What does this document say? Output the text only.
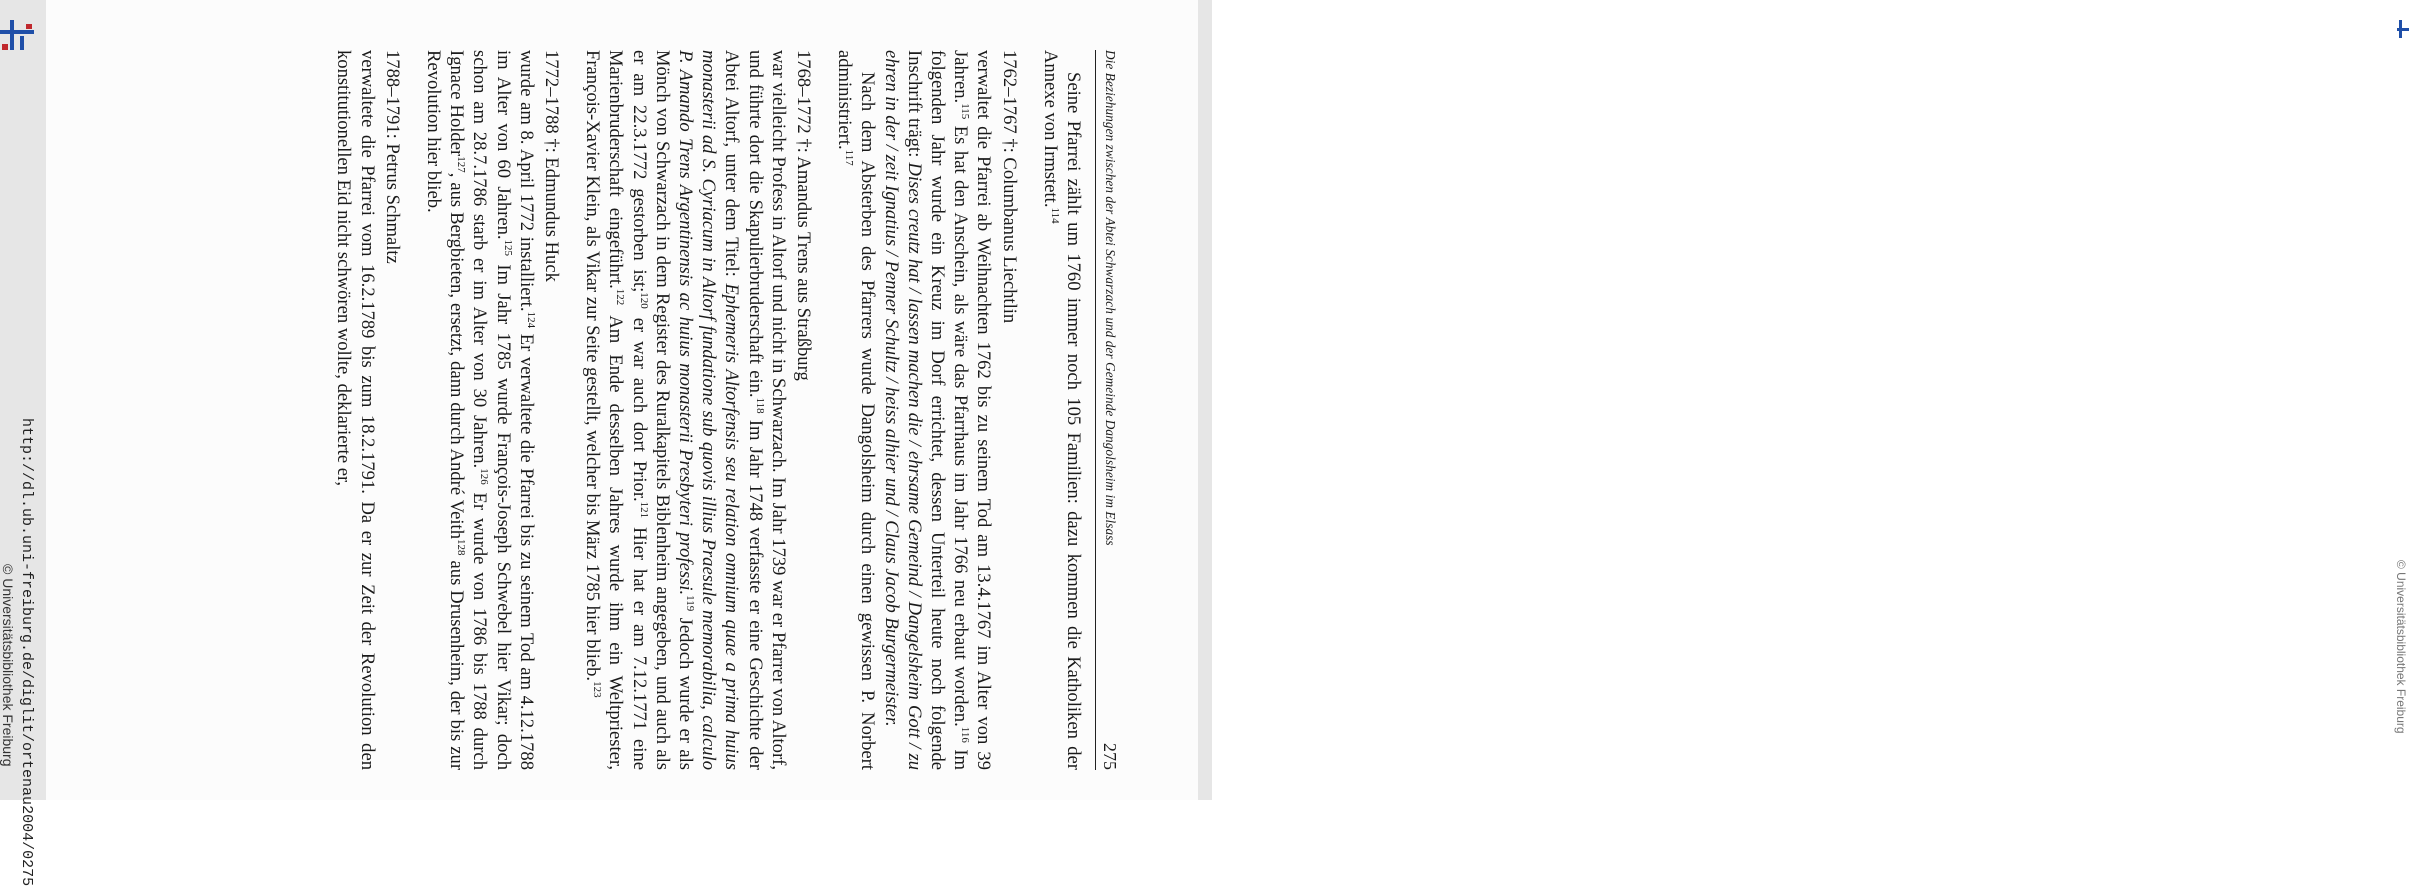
http://dl.ub.uni-freiburg.de/diglit/ortenau2004/0275
© Universitätsbibliothek Freiburg	© Universitätsbibliothek Freiburg
Die Beziehungen zwischen der Abtei Schwarzach und der Gemeinde Dangolsheim im Elsass
275

Seine Pfarrei zählt um 1760 immer noch 105 Familien: dazu kommen die Katholiken der Annexe von Irmstett.$^{114}$

1762–1767 †: Columbanus Liechtlin

verwaltet die Pfarrei ab Weihnachten 1762 bis zu seinem Tod am 13.4.1767 im Alter von 39 Jahren.$^{115}$ Es hat den Anschein, als wäre das Pfarrhaus im Jahr 1766 neu erbaut worden.$^{116}$ Im folgenden Jahr wurde ein Kreuz im Dorf errichtet, dessen Unterteil heute noch folgende Inschrift trägt: Dises creutz hat / lassen machen die / ehrsame Gemeind / Dangelsheim Gott / zu ehren in der / zeit Ignatius / Penner Schultz / heiss alhier und / Claus Jacob Burgermeister.

Nach dem Absterben des Pfarrers wurde Dangolsheim durch einen gewissen P. Norbert administriert.$^{117}$

1768–1772 †: Amandus Trens aus Straßburg

war vielleicht Profess in Altorf und nicht in Schwarzach. Im Jahr 1739 war er Pfarrer von Altorf, und führte dort die Skapulierbruderschaft ein.$^{118}$ Im Jahr 1748 verfasste er eine Geschichte der Abtei Altorf, unter dem Titel: Ephemeris Altorfensis seu relation omnium quae a prima huius monasterii ad S. Cyriacum in Altorf fundatione sub quovis illius Praesule memorabilia, calculo P. Amando Trens Argentinensis ac huius monasterii Presbyteri professi.$^{119}$ Jedoch wurde er als Mönch von Schwarzach in dem Register des Ruralkapitels Biblenheim angegeben, und auch als er am 22.3.1772 gestorben ist;$^{120}$ er war auch dort Prior.$^{121}$ Hier hat er am 7.12.1771 eine Marienbruderschaft eingeführt.$^{122}$ Am Ende desselben Jahres wurde ihm ein Weltpriester, François-Xavier Klein, als Vikar zur Seite gestellt, welcher bis März 1785 hier blieb.$^{123}$

1772–1788 †: Edmundus Huck

wurde am 8. April 1772 installiert.$^{124}$ Er verwaltete die Pfarrei bis zu seinem Tod am 4.12.1788 im Alter von 60 Jahren.$^{125}$ Im Jahr 1785 wurde François-Joseph Schwebel hier Vikar; doch schon am 28.7.1786 starb er im Alter von 30 Jahren.$^{126}$ Er wurde von 1786 bis 1788 durch Ignace Holder$^{127}$, aus Bergbieten, ersetzt, dann durch André Veith$^{128}$ aus Drusenheim, der bis zur Revolution hier blieb.

1788–1791: Petrus Schmaltz

verwaltete die Pfarrei vom 16.2.1789 bis zum 18.2.1791. Da er zur Zeit der Revolution den konstitutionellen Eid nicht schwören wollte, deklarierte er,
